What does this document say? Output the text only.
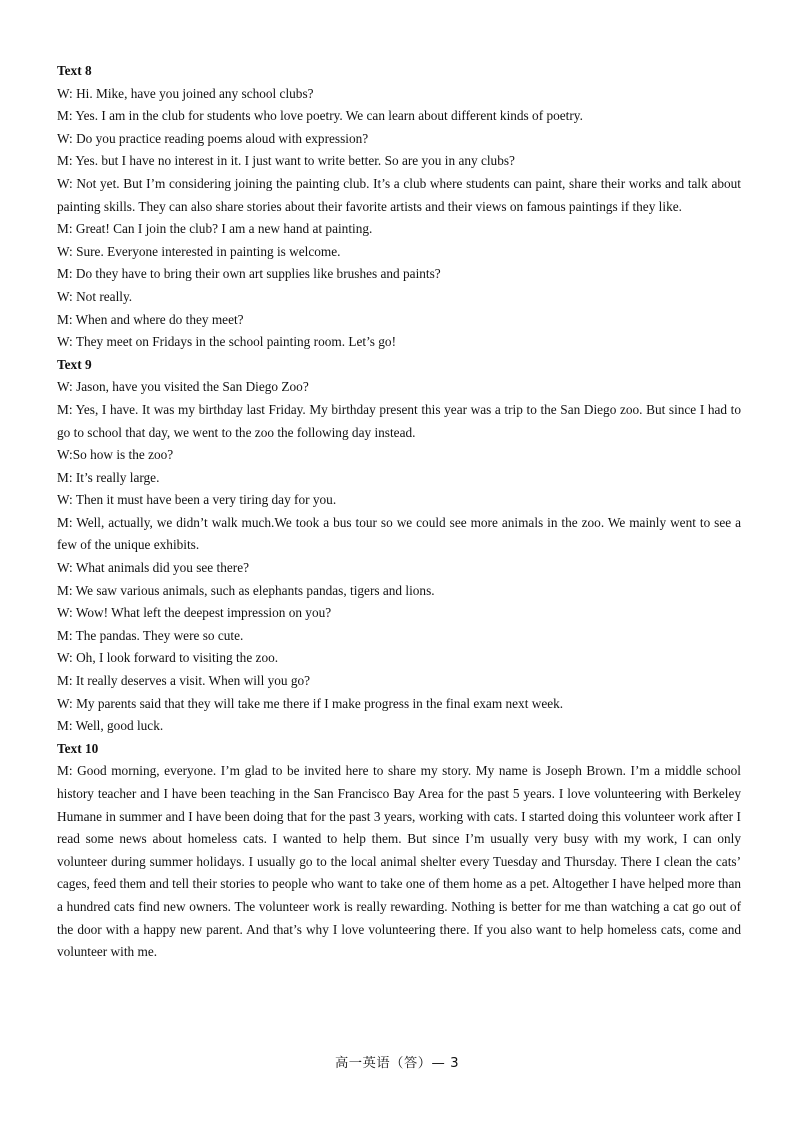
Text 8

W: Hi. Mike, have you joined any school clubs?

M: Yes. I am in the club for students who love poetry. We can learn about different kinds of poetry.

W: Do you practice reading poems aloud with expression?

M: Yes. but I have no interest in it. I just want to write better. So are you in any clubs?

W: Not yet. But I’m considering joining the painting club. It’s a club where students can paint, share their works and talk about painting skills. They can also share stories about their favorite artists and their views on famous paintings if they like.

M: Great! Can I join the club? I am a new hand at painting.

W: Sure. Everyone interested in painting is welcome.

M: Do they have to bring their own art supplies like brushes and paints?

W: Not really.

M: When and where do they meet?

W: They meet on Fridays in the school painting room. Let’s go!

Text 9

W: Jason, have you visited the San Diego Zoo?

M: Yes, I have. It was my birthday last Friday. My birthday present this year was a trip to the San Diego zoo. But since I had to go to school that day, we went to the zoo the following day instead.

W:So how is the zoo?

M: It’s really large.

W: Then it must have been a very tiring day for you.

M: Well, actually, we didn’t walk much.We took a bus tour so we could see more animals in the zoo. We mainly went to see a few of the unique exhibits.

W: What animals did you see there?

M: We saw various animals, such as elephants pandas, tigers and lions.

W: Wow! What left the deepest impression on you?

M: The pandas. They were so cute.

W: Oh, I look forward to visiting the zoo.

M: It really deserves a visit. When will you go?

W: My parents said that they will take me there if I make progress in the final exam next week.

M: Well, good luck.

Text 10

M: Good morning, everyone. I’m glad to be invited here to share my story. My name is Joseph Brown. I’m a middle school history teacher and I have been teaching in the San Francisco Bay Area for the past 5 years. I love volunteering with Berkeley Humane in summer and I have been doing that for the past 3 years, working with cats. I started doing this volunteer work after I read some news about homeless cats. I wanted to help them. But since I’m usually very busy with my work, I can only volunteer during summer holidays. I usually go to the local animal shelter every Tuesday and Thursday. There I clean the cats’ cages, feed them and tell their stories to people who want to take one of them home as a pet. Altogether I have helped more than a hundred cats find new owners. The volunteer work is really rewarding. Nothing is better for me than watching a cat go out of the door with a happy new parent. And that’s why I love volunteering there. If you also want to help homeless cats, come and volunteer with me.

高一英语（答）— 3
